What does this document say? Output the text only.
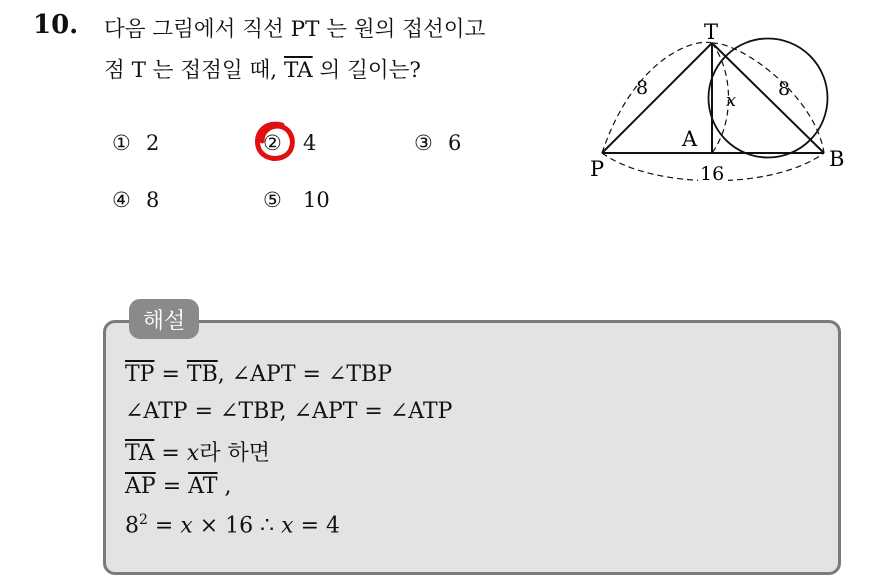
10. 다음 그림에서 직선 PT 는 원의 접선이고
점 T 는 접점일 때, $\overline{TA}$ 의 길이는?
① 2	② 4	③ 6
④ 8	⑤ 10
T
A
P	B
8	8
x
16
해설
$\overline{TP} = \overline{TB}$, ∠APT = ∠TBP
∠ATP = ∠TBP, ∠APT = ∠ATP
$\overline{TA} = x$라 하면
$\overline{AP} = \overline{AT}$ ,
$8^2 = x \times 16$ ∴ x = 4
